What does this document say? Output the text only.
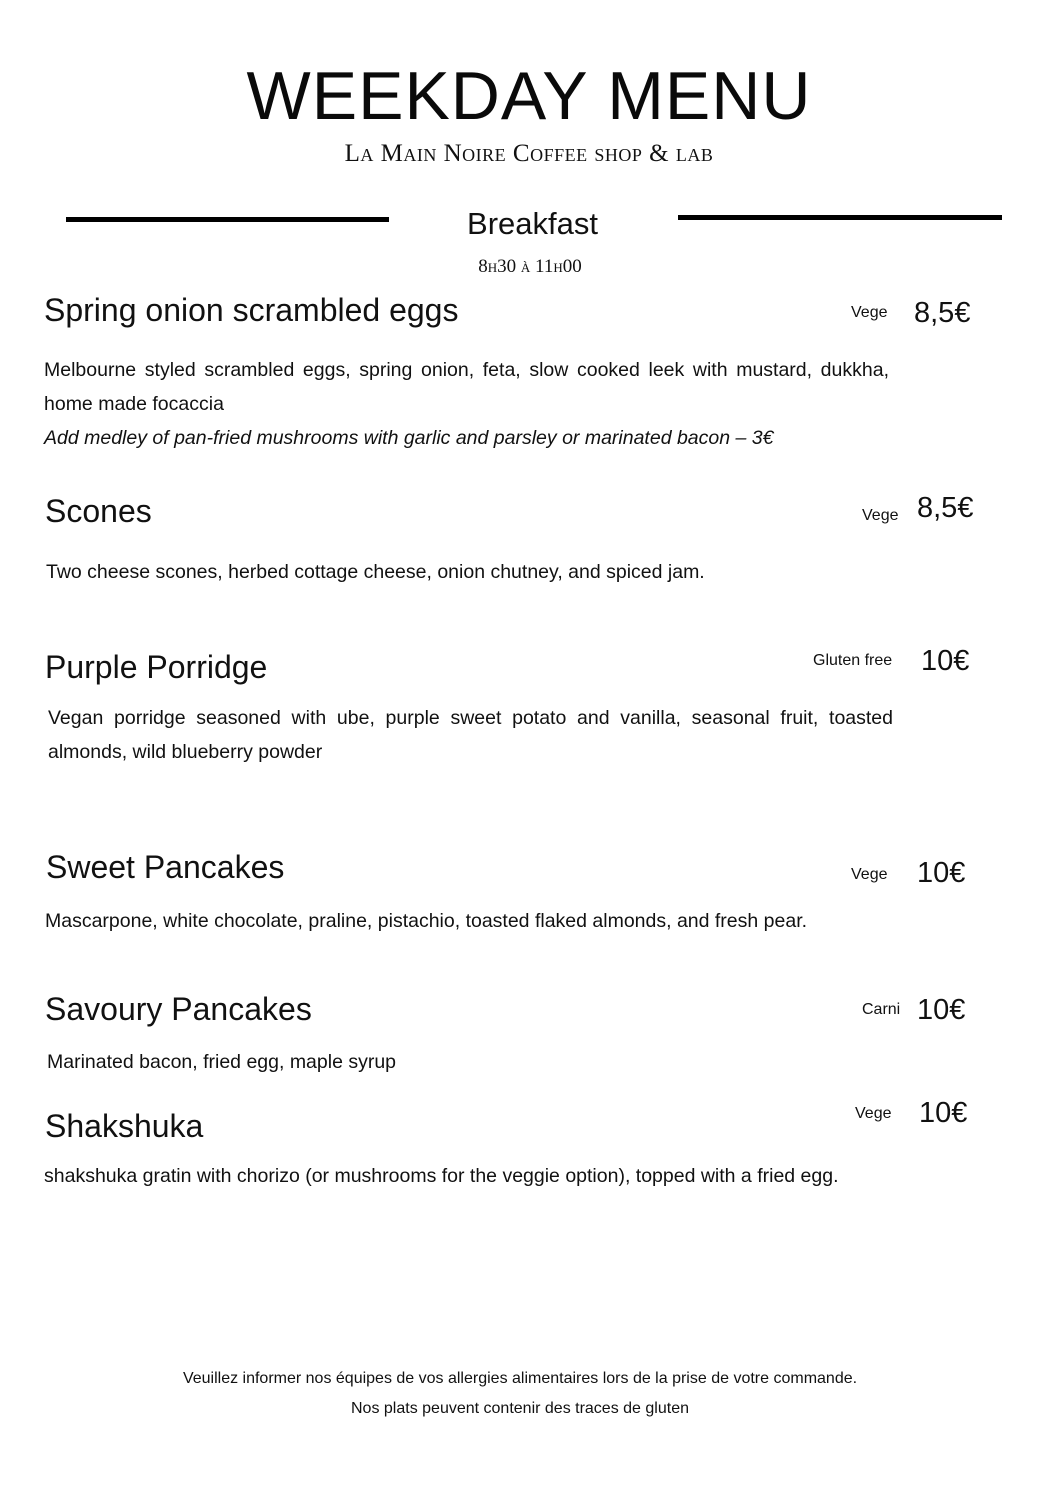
WEEKDAY MENU
La Main Noire Coffee shop & lab
Breakfast
8h30 à 11h00
Spring onion scrambled eggs	Vege 8,5€
Melbourne styled scrambled eggs, spring onion, feta, slow cooked leek with mustard, dukkha, home made focaccia
Add medley of pan-fried mushrooms with garlic and parsley or marinated bacon – 3€
Scones	Vege 8,5€
Two cheese scones, herbed cottage cheese, onion chutney, and spiced jam.
Purple Porridge	Gluten free 10€
Vegan porridge seasoned with ube, purple sweet potato and vanilla, seasonal fruit, toasted almonds, wild blueberry powder
Sweet Pancakes	Vege 10€
Mascarpone, white chocolate, praline, pistachio, toasted flaked almonds, and fresh pear.
Savoury Pancakes	Carni 10€
Marinated bacon, fried egg, maple syrup
Shakshuka	Vege 10€
shakshuka gratin with chorizo (or mushrooms for the veggie option), topped with a fried egg.
Veuillez informer nos équipes de vos allergies alimentaires lors de la prise de votre commande.
Nos plats peuvent contenir des traces de gluten
